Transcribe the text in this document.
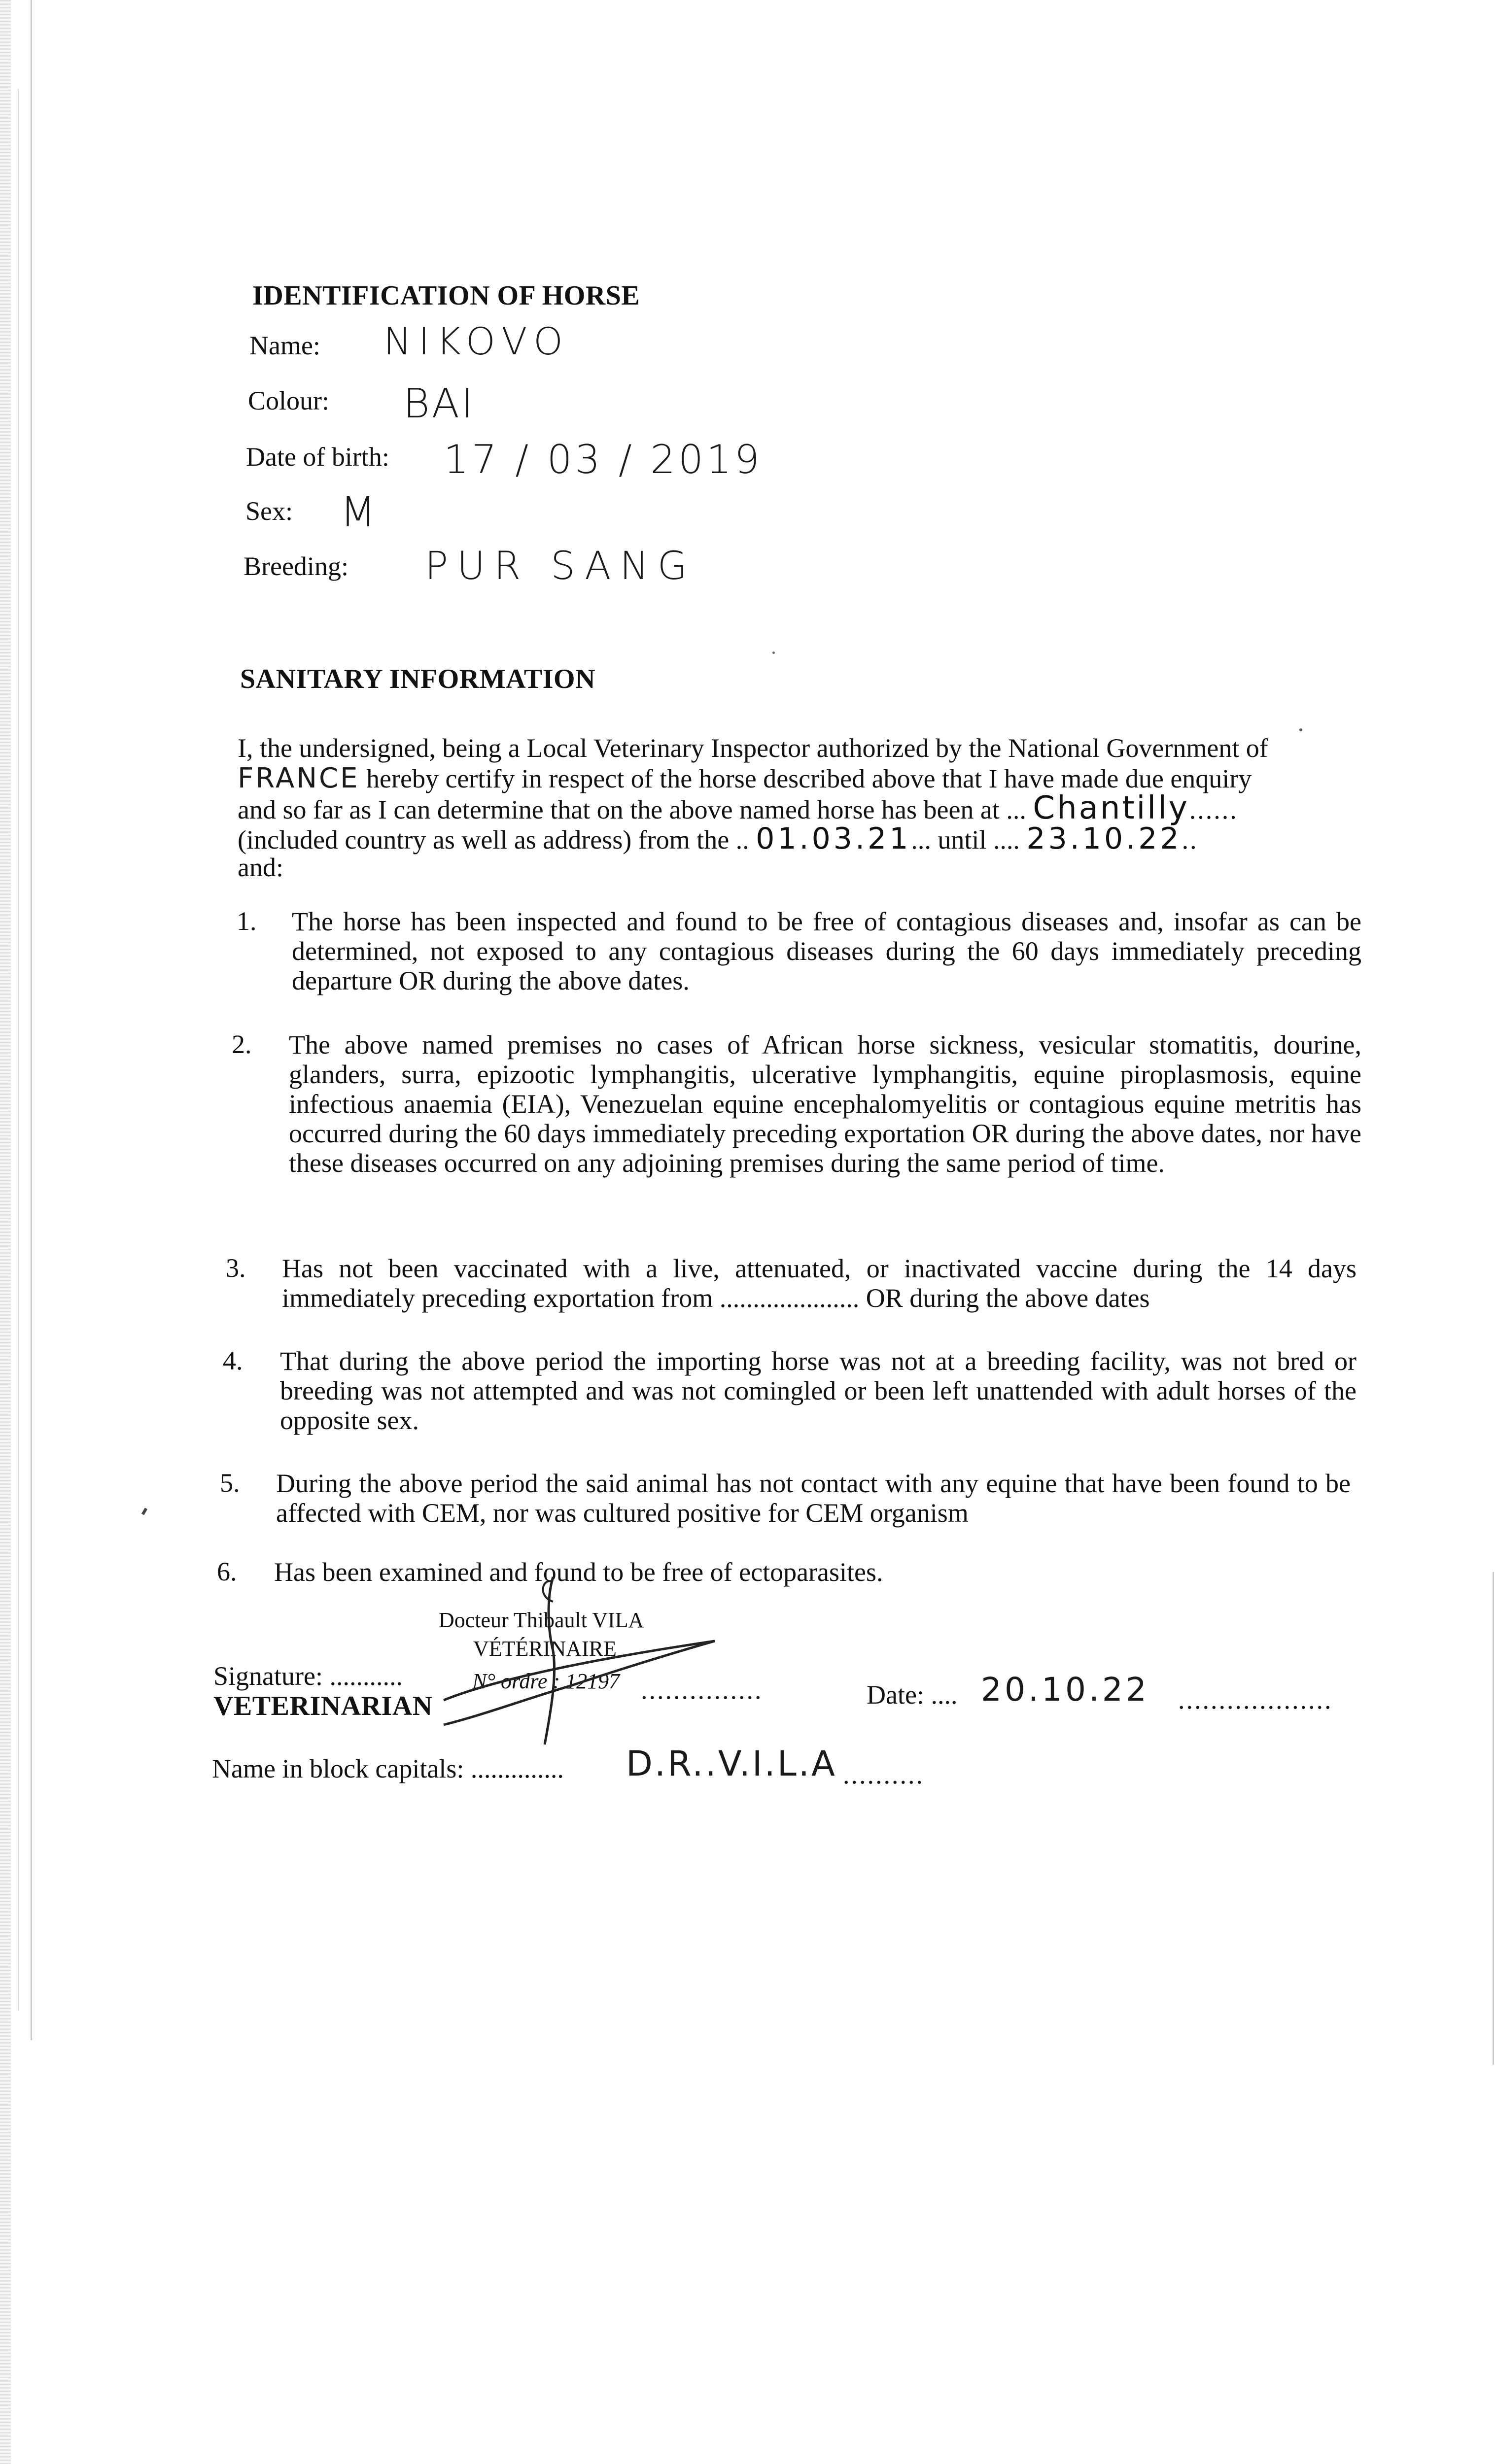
IDENTIFICATION OF HORSE
Name: NIKOVO
Colour: BAI
Date of birth: 17 / 03 / 2019
Sex: M
Breeding: PUR SANG
SANITARY INFORMATION
I, the undersigned, being a Local Veterinary Inspector authorized by the National Government of
FRANCE hereby certify in respect of the horse described above that I have made due enquiry
and so far as I can determine that on the above named horse has been at ... Chantilly......
(included country as well as address) from the .. 01.03.21... until .... 23.10.22..
and:
1. The horse has been inspected and found to be free of contagious diseases and, insofar as can be determined, not exposed to any contagious diseases during the 60 days immediately preceding departure OR during the above dates.
2. The above named premises no cases of African horse sickness, vesicular stomatitis, dourine, glanders, surra, epizootic lymphangitis, ulcerative lymphangitis, equine piroplasmosis, equine infectious anaemia (EIA), Venezuelan equine encephalomyelitis or contagious equine metritis has occurred during the 60 days immediately preceding exportation OR during the above dates, nor have these diseases occurred on any adjoining premises during the same period of time.
3. Has not been vaccinated with a live, attenuated, or inactivated vaccine during the 14 days immediately preceding exportation from ..................... OR during the above dates
4. That during the above period the importing horse was not at a breeding facility, was not bred or breeding was not attempted and was not comingled or been left unattended with adult horses of the opposite sex.
5. During the above period the said animal has not contact with any equine that have been found to be affected with CEM, nor was cultured positive for CEM organism
6. Has been examined and found to be free of ectoparasites.
Docteur Thibault VILA
VÉTÉRINAIRE
N° ordre : 12197
Signature: ...........	...............
VETERINARIAN	Date: .... 20.10.22 ...................
Name in block capitals: .............. D.R..V.I.L.A ..........
